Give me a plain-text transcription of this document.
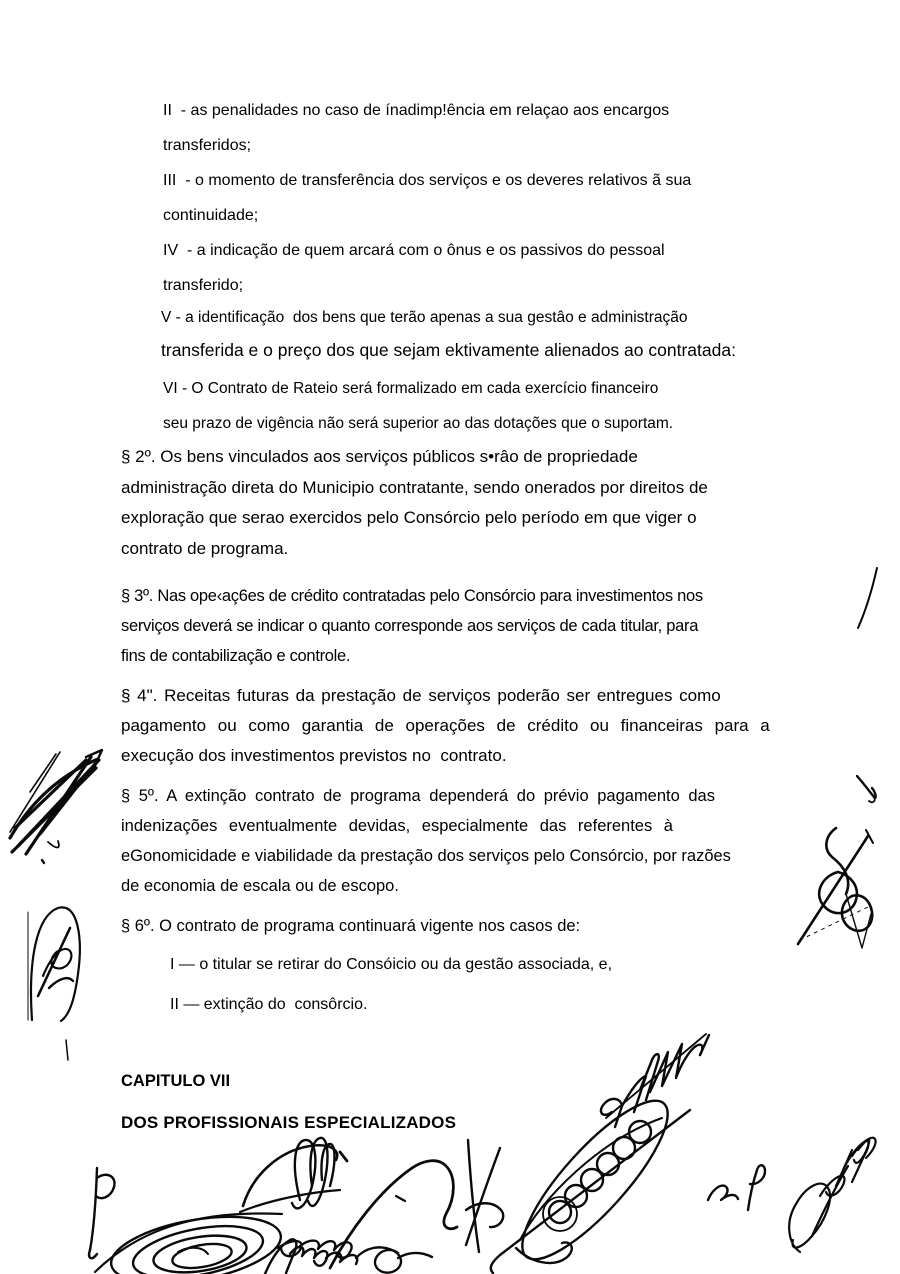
II  - as penalidades no caso de ínadimp!ência em relaçao aos encargos
transferidos;
III  - o momento de transferência dos serviços e os deveres relativos ã sua
continuidade;
IV  - a indicação de quem arcará com o ônus e os passivos do pessoal
transferido;
V - a identificação  dos bens que terão apenas a sua gestâo e administração
transferida e o preço dos que sejam ektivamente alienados ao contratada:
VI - O Contrato de Rateio será formalizado em cada exercício financeiro
seu prazo de vigência não será superior ao das dotações que o suportam.
§ 2º. Os bens vinculados aos serviços públicos s•râo de propriedade
administração direta do Municipio contratante, sendo onerados por direitos de
exploração que serao exercidos pelo Consórcio pelo período em que viger o
contrato de programa.
§ 3º. Nas ope‹aç6es de crédito contratadas pelo Consórcio para investimentos nos
serviços deverá se indicar o quanto corresponde aos serviços de cada titular, para
fins de contabilização e controle.
§ 4". Receitas futuras da prestação de serviços poderão ser entregues como
pagamento ou como garantia de operações de crédito ou financeiras para a
execução dos investimentos previstos no  contrato.
§ 5º. A extinção contrato de programa dependerá do prévio pagamento das
indenizações eventualmente devidas, especialmente das referentes à
eGonomicidade e viabilidade da prestação dos serviços pelo Consórcio, por razões
de economia de escala ou de escopo.
§ 6º. O contrato de programa continuará vigente nos casos de:
I — o titular se retirar do Consóicio ou da gestão associada, e,
II — extinção do  consôrcio.
CAPITULO VII
DOS PROFISSIONAIS ESPECIALIZADOS
